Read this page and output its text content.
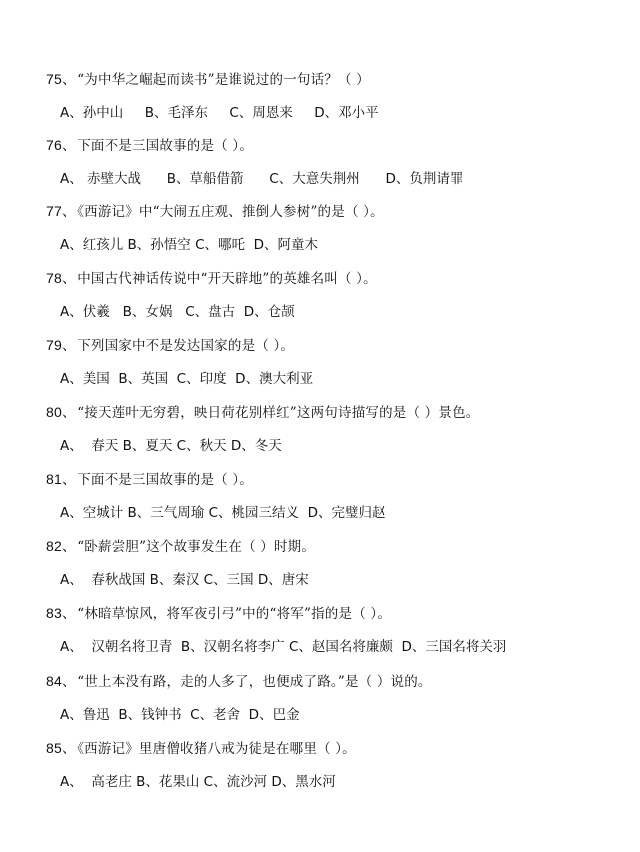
75、“为中华之崛起而读书”是谁说过的一句话？（ ）
A、孙中山     B、毛泽东     C、周恩来     D、邓小平
76、下面不是三国故事的是（ ）。
A、 赤壁大战      B、草船借箭      C、大意失荆州      D、负荆请罪
77、《西游记》中“大闹五庄观、推倒人参树”的是（ ）。
A、红孩儿 B、孙悟空 C、哪吒  D、阿童木
78、中国古代神话传说中“开天辟地”的英雄名叫（ ）。
A、伏羲   B、女娲   C、盘古  D、仓颉
79、下列国家中不是发达国家的是（ ）。
A、美国  B、英国  C、印度  D、澳大利亚
80、“接天莲叶无穷碧，映日荷花别样红”这两句诗描写的是（ ）景色。
A、  春天 B、夏天 C、秋天 D、冬天
81、下面不是三国故事的是（ ）。
A、空城计 B、三气周瑜 C、桃园三结义  D、完璧归赵
82、“卧薪尝胆”这个故事发生在（ ）时期。
A、  春秋战国 B、秦汉 C、三国 D、唐宋
83、“林暗草惊风，将军夜引弓”中的“将军”指的是（ ）。
A、  汉朝名将卫青  B、汉朝名将李广 C、赵国名将廉颇  D、三国名将关羽
84、“世上本没有路，走的人多了，也便成了路。”是（ ）说的。
A、鲁迅  B、钱钟书  C、老舍  D、巴金
85、《西游记》里唐僧收猪八戒为徒是在哪里（ ）。
A、  高老庄 B、花果山 C、流沙河 D、黑水河
